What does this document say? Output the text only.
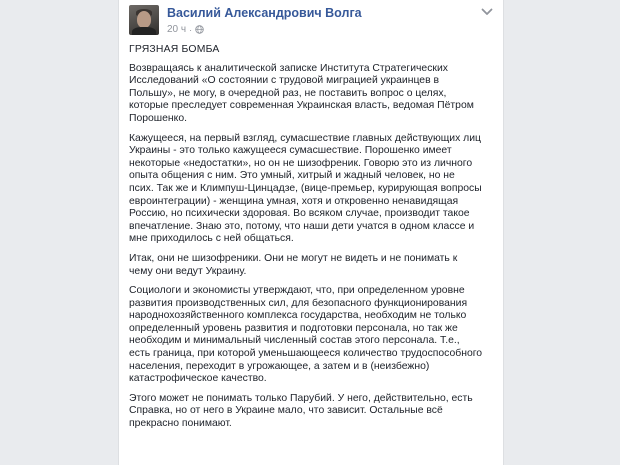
Василий Александрович Волга
20 ч ·

ГРЯЗНАЯ БОМБА

Возвращаясь к аналитической записке Института Стратегических
Исследований «О состоянии с трудовой миграцией украинцев в
Польшу», не могу, в очередной раз, не поставить вопрос о целях,
которые преследует современная Украинская власть, ведомая Пётром
Порошенко.

Кажущееся, на первый взгляд, сумасшествие главных действующих лиц
Украины - это только кажущееся сумасшествие. Порошенко имеет
некоторые «недостатки», но он не шизофреник. Говорю это из личного
опыта общения с ним. Это умный, хитрый и жадный человек, но не
псих. Так же и Климпуш-Цинцадзе, (вице-премьер, курирующая вопросы
евроинтеграции) - женщина умная, хотя и откровенно ненавидящая
Россию, но психически здоровая. Во всяком случае, производит такое
впечатление. Знаю это, потому, что наши дети учатся в одном классе и
мне приходилось с ней общаться.

Итак, они не шизофреники. Они не могут не видеть и не понимать к
чему они ведут Украину.

Социологи и экономисты утверждают, что, при определенном уровне
развития производственных сил, для безопасного функционирования
народнохозяйственного комплекса государства, необходим не только
определенный уровень развития и подготовки персонала, но так же
необходим и минимальный численный состав этого персонала. Т.е.,
есть граница, при которой уменьшающееся количество трудоспособного
населения, переходит в угрожающее, а затем и в (неизбежно)
катастрофическое качество.

Этого может не понимать только Парубий. У него, действительно, есть
Справка, но от него в Украине мало, что зависит. Остальные всё
прекрасно понимают.
